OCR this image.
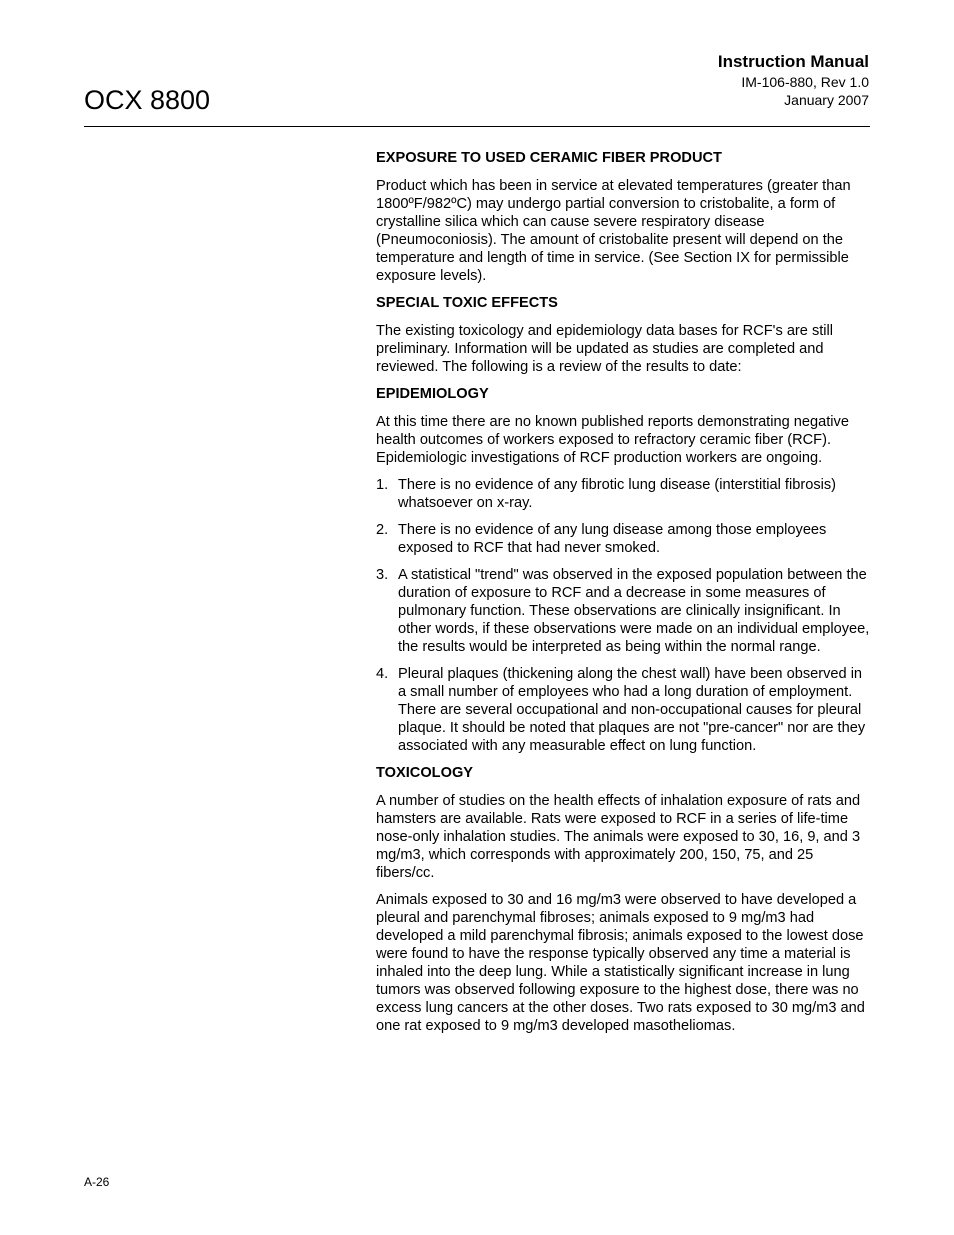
OCX 8800
Instruction Manual
IM-106-880, Rev 1.0
January 2007
EXPOSURE TO USED CERAMIC FIBER PRODUCT

Product which has been in service at elevated temperatures (greater than 1800ºF/982ºC) may undergo partial conversion to cristobalite, a form of crystalline silica which can cause severe respiratory disease (Pneumoconiosis). The amount of cristobalite present will depend on the temperature and length of time in service. (See Section IX for permissible exposure levels).

SPECIAL TOXIC EFFECTS

The existing toxicology and epidemiology data bases for RCF's are still preliminary. Information will be updated as studies are completed and reviewed. The following is a review of the results to date:

EPIDEMIOLOGY

At this time there are no known published reports demonstrating negative health outcomes of workers exposed to refractory ceramic fiber (RCF). Epidemiologic investigations of RCF production workers are ongoing.

1. There is no evidence of any fibrotic lung disease (interstitial fibrosis) whatsoever on x-ray.
2. There is no evidence of any lung disease among those employees exposed to RCF that had never smoked.
3. A statistical "trend" was observed in the exposed population between the duration of exposure to RCF and a decrease in some measures of pulmonary function. These observations are clinically insignificant. In other words, if these observations were made on an individual employee, the results would be interpreted as being within the normal range.
4. Pleural plaques (thickening along the chest wall) have been observed in a small number of employees who had a long duration of employment. There are several occupational and non-occupational causes for pleural plaque. It should be noted that plaques are not "pre-cancer" nor are they associated with any measurable effect on lung function.
TOXICOLOGY

A number of studies on the health effects of inhalation exposure of rats and hamsters are available. Rats were exposed to RCF in a series of life-time nose-only inhalation studies. The animals were exposed to 30, 16, 9, and 3 mg/m3, which corresponds with approximately 200, 150, 75, and 25 fibers/cc.

Animals exposed to 30 and 16 mg/m3 were observed to have developed a pleural and parenchymal fibroses; animals exposed to 9 mg/m3 had developed a mild parenchymal fibrosis; animals exposed to the lowest dose were found to have the response typically observed any time a material is inhaled into the deep lung. While a statistically significant increase in lung tumors was observed following exposure to the highest dose, there was no excess lung cancers at the other doses. Two rats exposed to 30 mg/m3 and one rat exposed to 9 mg/m3 developed masotheliomas.

A-26
